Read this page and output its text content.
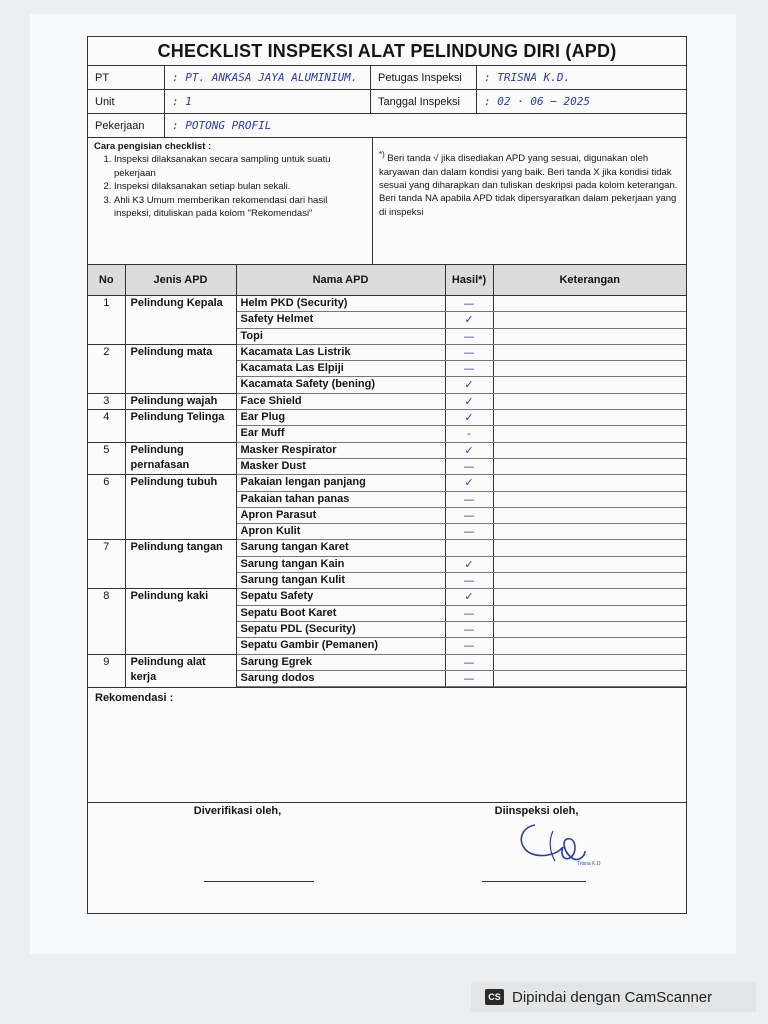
CHECKLIST INSPEKSI ALAT PELINDUNG DIRI (APD)
PT	: PT. ANKASA JAYA ALUMINIUM.	Petugas Inspeksi	: TRISNA K.D.
Unit	: 1	Tanggal Inspeksi	: 02 · 06 − 2025
Pekerjaan	: POTONG PROFIL
Cara pengisian checklist :
1. Inspeksi dilaksanakan secara sampling untuk suatu pekerjaan
2. Inspeksi dilaksanakan setiap bulan sekali.
3. Ahli K3 Umum memberikan rekomendasi dari hasil inspeksi, dituliskan pada kolom "Rekomendasi"
*) Beri tanda √ jika disediakan APD yang sesuai, digunakan oleh karyawan dan dalam kondisi yang baik. Beri tanda X jika kondisi tidak sesuai yang diharapkan dan tuliskan deskripsi pada kolom keterangan. Beri tanda NA apabila APD tidak dipersyaratkan dalam pekerjaan yang di inspeksi
No	Jenis APD	Nama APD	Hasil*)	Keterangan
1	Pelindung Kepala	Helm PKD (Security)	—	
		Safety Helmet	✓	
		Topi	—	
2	Pelindung mata	Kacamata Las Listrik	—	
		Kacamata Las Elpiji	—	
		Kacamata Safety (bening)	✓	
3	Pelindung wajah	Face Shield	✓	
4	Pelindung Telinga	Ear Plug	✓	
		Ear Muff	-	
5	Pelindung	Masker Respirator	✓	
	pernafasan	Masker Dust	—	
6	Pelindung tubuh	Pakaian lengan panjang	✓	
		Pakaian tahan panas	—	
		Apron Parasut	—	
		Apron Kulit	—	
7	Pelindung tangan	Sarung tangan Karet		
		Sarung tangan Kain	✓	
		Sarung tangan Kulit	—	
8	Pelindung kaki	Sepatu Safety	✓	
		Sepatu Boot Karet	—	
		Sepatu PDL (Security)	—	
		Sepatu Gambir (Pemanen)	—	
9	Pelindung alat	Sarung Egrek	—	
	kerja	Sarung dodos	—	
Rekomendasi :
Diverifikasi oleh,	Diinspeksi oleh,
Trisna K.D
CS Dipindai dengan CamScanner
